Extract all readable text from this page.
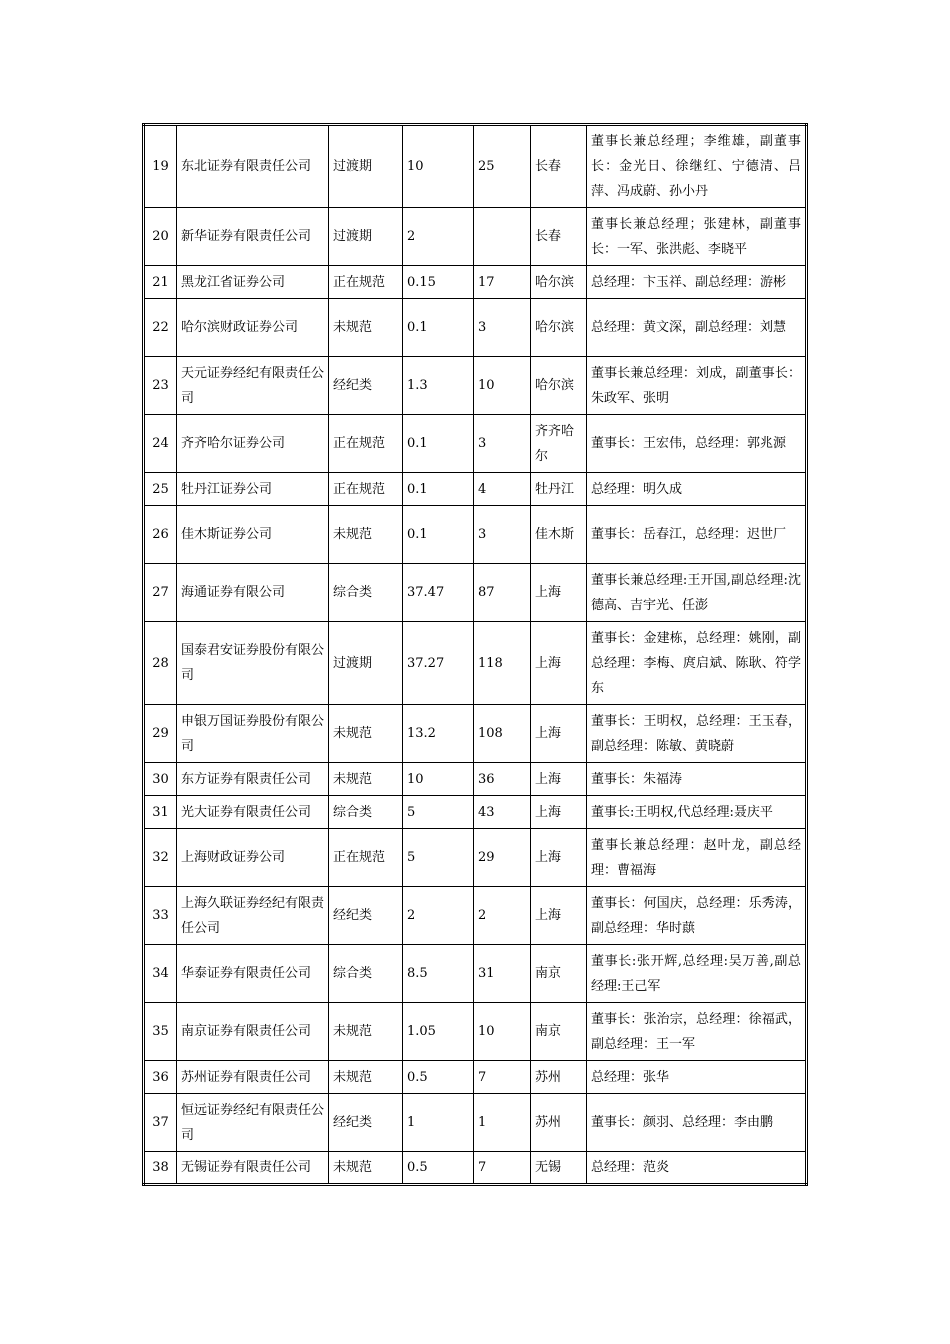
19	东北证券有限责任公司	过渡期	10	25	长春	董事长兼总经理；李维雄，副董事长：金光日、徐继红、宁德清、吕萍、冯成蔚、孙小丹
20	新华证券有限责任公司	过渡期	2		长春	董事长兼总经理；张建林，副董事长：一军、张洪彪、李晓平
21	黑龙江省证券公司	正在规范	0.15	17	哈尔滨	总经理：卞玉祥、副总经理：游彬
22	哈尔滨财政证券公司	未规范	0.1	3	哈尔滨	总经理：黄文深，副总经理：刘慧
23	天元证券经纪有限责任公司	经纪类	1.3	10	哈尔滨	董事长兼总经理：刘成，副董事长：朱政军、张明
24	齐齐哈尔证券公司	正在规范	0.1	3	齐齐哈尔	董事长：王宏伟，总经理：郭兆源
25	牡丹江证券公司	正在规范	0.1	4	牡丹江	总经理：明久成
26	佳木斯证券公司	未规范	0.1	3	佳木斯	董事长：岳春江，总经理：迟世厂
27	海通证券有限公司	综合类	37.47	87	上海	董事长兼总经理:王开国,副总经理:沈德高、吉宇光、任澎
28	国泰君安证券股份有限公司	过渡期	37.27	118	上海	董事长：金建栋，总经理：姚刚，副总经理：李梅、庹启斌、陈耿、符学东
29	申银万国证券股份有限公司	未规范	13.2	108	上海	董事长：王明权，总经理：王玉春，副总经理：陈敏、黄晓蔚
30	东方证券有限责任公司	未规范	10	36	上海	董事长：朱福涛
31	光大证券有限责任公司	综合类	5	43	上海	董事长:王明权,代总经理:聂庆平
32	上海财政证券公司	正在规范	5	29	上海	董事长兼总经理：赵叶龙，副总经理：曹福海
33	上海久联证券经纪有限责任公司	经纪类	2	2	上海	董事长：何国庆，总经理：乐秀涛，副总经理：华时蕻
34	华泰证券有限责任公司	综合类	8.5	31	南京	董事长:张开辉,总经理:吴万善,副总经理:王己军
35	南京证券有限责任公司	未规范	1.05	10	南京	董事长：张治宗，总经理：徐福武，副总经理：王一军
36	苏州证券有限责任公司	未规范	0.5	7	苏州	总经理：张华
37	恒远证券经纪有限责任公司	经纪类	1	1	苏州	董事长：颜羽、总经理：李由鹏
38	无锡证券有限责任公司	未规范	0.5	7	无锡	总经理：范炎
